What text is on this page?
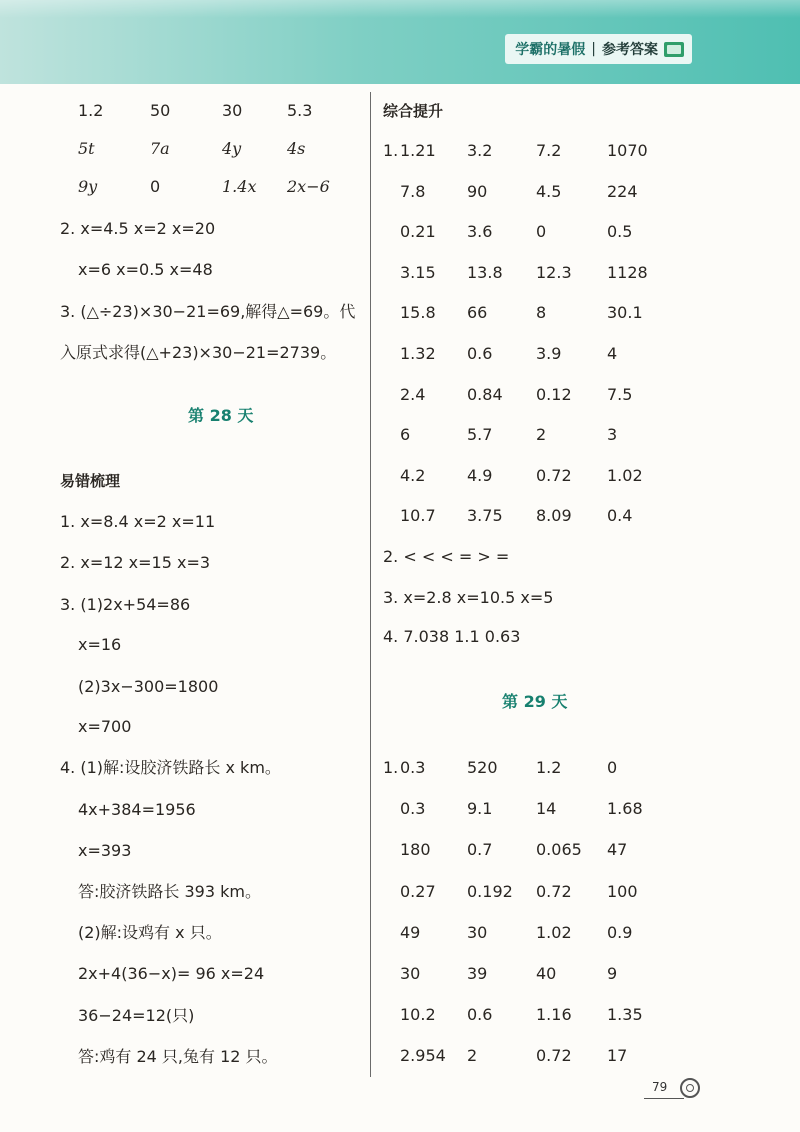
学霸的暑假 | 参考答案
1.2	50	30	5.3
5t	7a	4y	4s
9y	0	1.4x 2x−6
2. x=4.5 x=2 x=20
x=6 x=0.5 x=48
3. (△÷23)×30−21=69,解得△=69。代
入原式求得(△+23)×30−21=2739。
第 28 天
易错梳理
1. x=8.4 x=2 x=11
2. x=12 x=15 x=3
3. (1)2x+54=86
x=16
(2)3x−300=1800
x=700
4. (1)解:设胶济铁路长 x km。
4x+384=1956
x=393
答:胶济铁路长 393 km。
(2)解:设鸡有 x 只。
2x+4(36−x)= 96 x=24
36−24=12(只)
答:鸡有 24 只,兔有 12 只。
综合提升
1. 1.21 3.2	7.2	1070
7.8	90	4.5	224
0.21 3.6	0	0.5
3.15 13.8 12.3 1128
15.8 66	8	30.1
1.32 0.6	3.9	4
2.4	0.84 0.12 7.5
6	5.7	2	3
4.2	4.9	0.72 1.02
10.7 3.75 8.09 0.4
2. < < < = > =
3. x=2.8 x=10.5 x=5
4. 7.038 1.1 0.63
第 29 天
1. 0.3	520 1.2	0
0.3	9.1	14	1.68
180 0.7	0.065 47
0.27 0.192 0.72 100
49	30	1.02 0.9
30	39	40	9
10.2 0.6	1.16 1.35
2.954 2	0.72 17
79
